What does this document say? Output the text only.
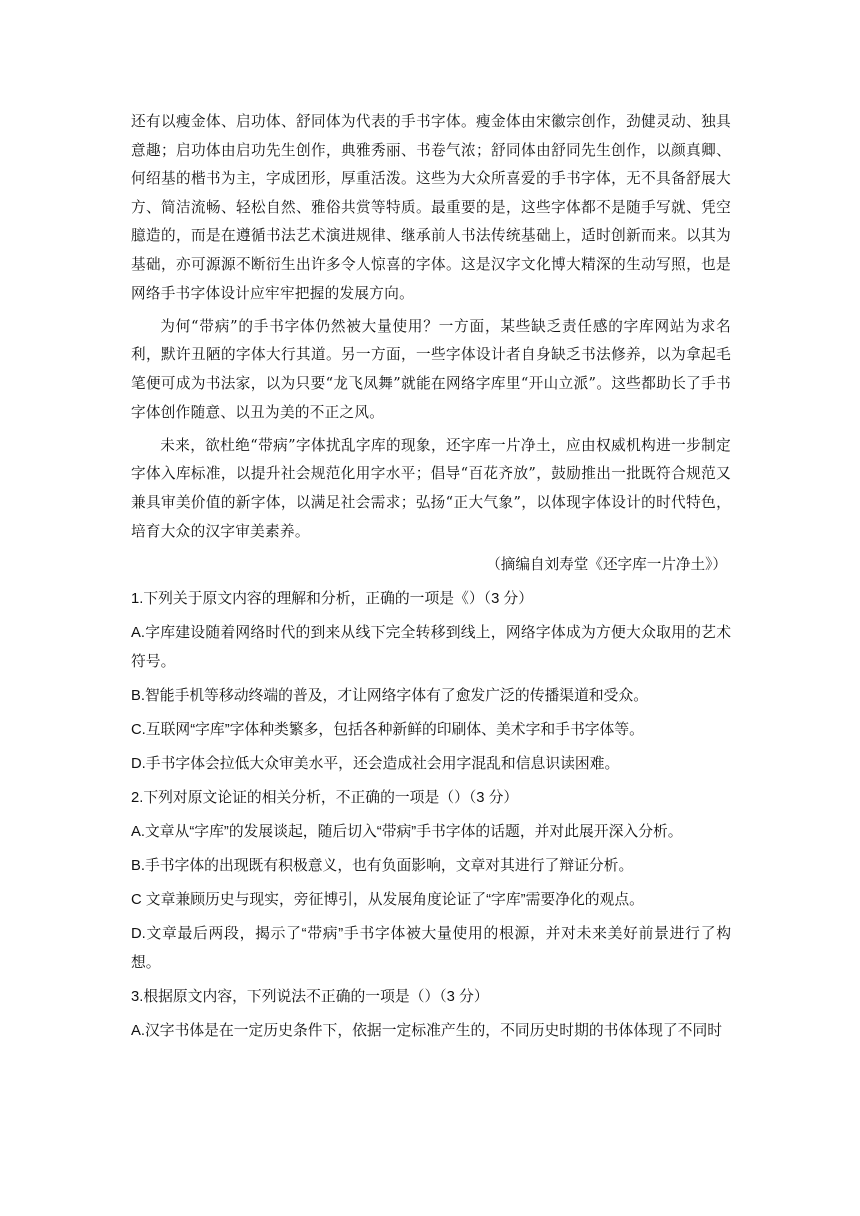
还有以瘦金体、启功体、舒同体为代表的手书字体。瘦金体由宋徽宗创作，劲健灵动、独具意趣；启功体由启功先生创作，典雅秀丽、书卷气浓；舒同体由舒同先生创作，以颜真卿、何绍基的楷书为主，字成团形，厚重活泼。这些为大众所喜爱的手书字体，无不具备舒展大方、简洁流畅、轻松自然、雅俗共赏等特质。最重要的是，这些字体都不是随手写就、凭空臆造的，而是在遵循书法艺术演进规律、继承前人书法传统基础上，适时创新而来。以其为基础，亦可源源不断衍生出许多令人惊喜的字体。这是汉字文化博大精深的生动写照，也是网络手书字体设计应牢牢把握的发展方向。

为何“带病”的手书字体仍然被大量使用？一方面，某些缺乏责任感的字库网站为求名利，默许丑陋的字体大行其道。另一方面，一些字体设计者自身缺乏书法修养，以为拿起毛笔便可成为书法家，以为只要“龙飞凤舞”就能在网络字库里“开山立派”。这些都助长了手书字体创作随意、以丑为美的不正之风。

未来，欲杜绝“带病”字体扰乱字库的现象，还字库一片净土，应由权威机构进一步制定字体入库标准，以提升社会规范化用字水平；倡导“百花齐放”，鼓励推出一批既符合规范又兼具审美价值的新字体，以满足社会需求；弘扬“正大气象”，以体现字体设计的时代特色，培育大众的汉字审美素养。

（摘编自刘寿堂《还字库一片净土》）
1.下列关于原文内容的理解和分析，正确的一项是《）（3 分）
A.字库建设随着网络时代的到来从线下完全转移到线上，网络字体成为方便大众取用的艺术符号。
B.智能手机等移动终端的普及，才让网络字体有了愈发广泛的传播渠道和受众。
C.互联网“字库”字体种类繁多，包括各种新鲜的印刷体、美术字和手书字体等。
D.手书字体会拉低大众审美水平，还会造成社会用字混乱和信息识读困难。
2.下列对原文论证的相关分析，不正确的一项是（）（3 分）
A.文章从“字库”的发展谈起，随后切入“带病”手书字体的话题，并对此展开深入分析。
B.手书字体的出现既有积极意义，也有负面影响，文章对其进行了辩证分析。
C 文章兼顾历史与现实，旁征博引，从发展角度论证了“字库”需要净化的观点。
D.文章最后两段，揭示了“带病”手书字体被大量使用的根源，并对未来美好前景进行了构想。
3.根据原文内容，下列说法不正确的一项是（）（3 分）
A.汉字书体是在一定历史条件下，依据一定标准产生的，不同历史时期的书体体现了不同时
